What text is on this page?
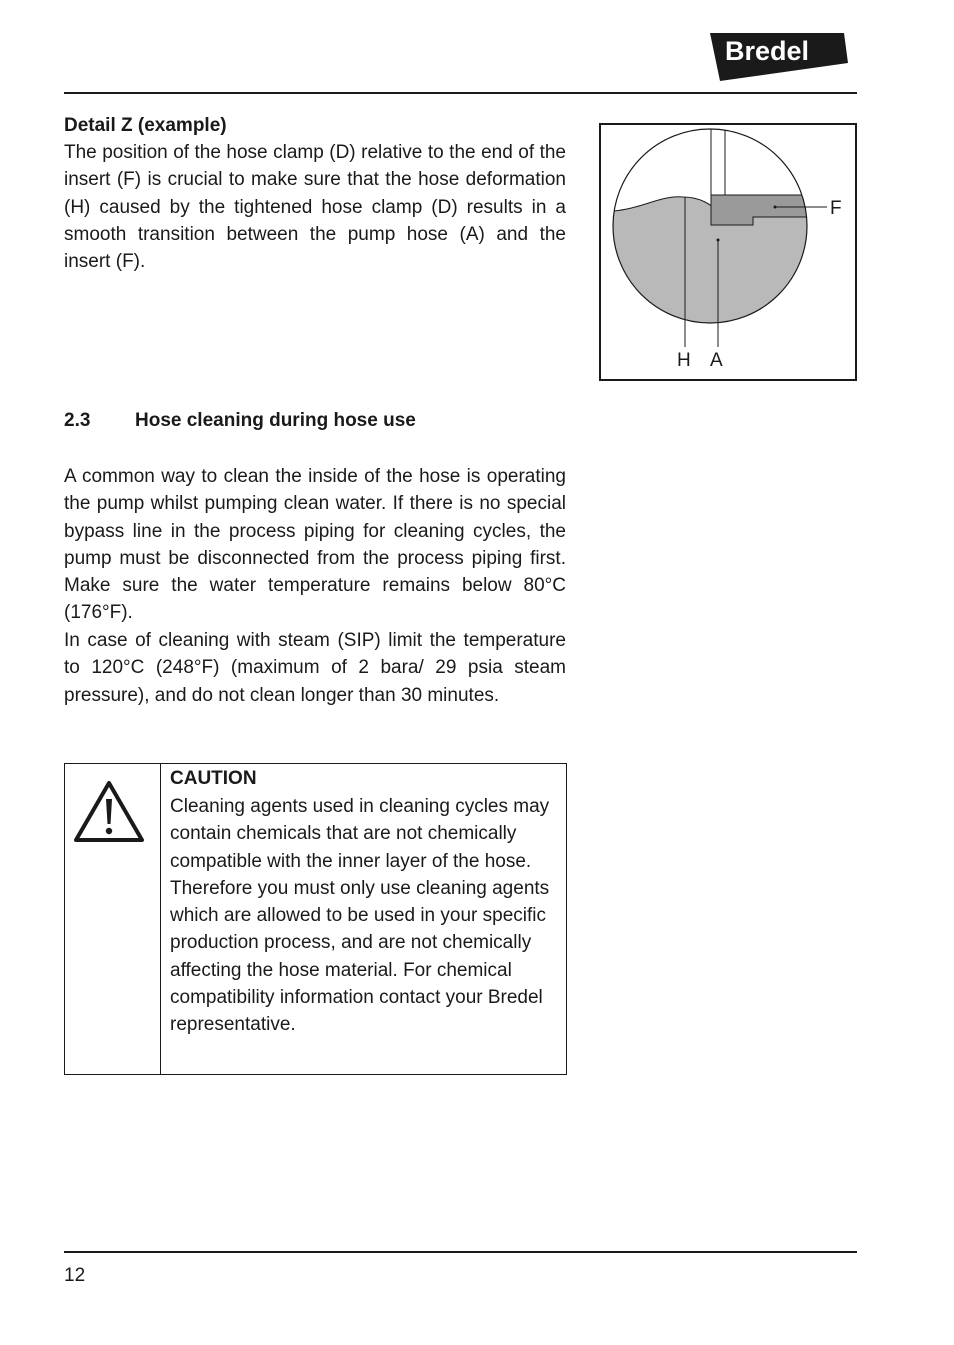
Bredel
Detail Z (example)
The position of the hose clamp (D) relative to the end of the insert (F) is crucial to make sure that the hose deformation (H) caused by the tightened hose clamp (D) results in a smooth transition between the pump hose (A) and the insert (F).
F
H A
2.3 Hose cleaning during hose use
A common way to clean the inside of the hose is operating the pump whilst pumping clean water. If there is no special bypass line in the process piping for cleaning cycles, the pump must be disconnected from the process piping first. Make sure the water temperature remains below 80°C (176°F).
In case of cleaning with steam (SIP) limit the temperature to 120°C (248°F) (maximum of 2 bara/ 29 psia steam pressure), and do not clean longer than 30 minutes.
CAUTION
Cleaning agents used in cleaning cycles may contain chemicals that are not chemically compatible with the inner layer of the hose. Therefore you must only use cleaning agents which are allowed to be used in your specific production process, and are not chemically affecting the hose material. For chemical compatibility information contact your Bredel representative.
12
